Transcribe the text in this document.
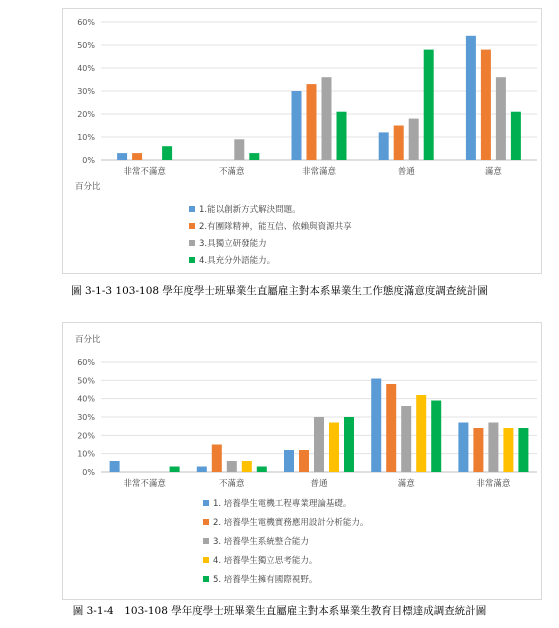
0%
10%
20%
30%
40%
50%
60%
百分比
非常不滿意	不滿意	非常滿意	普通	滿意
1.能以創新方式解決問題。
2.有團隊精神，能互信、依賴與資源共享
3.具獨立研發能力
4.具充分外語能力。
圖 3-1-3 103-108 學年度學士班畢業生直屬雇主對本系畢業生工作態度滿意度調查統計圖
0%
10%
20%
30%
40%
50%
60%
百分比
非常不滿意	不滿意	普通	滿意	非常滿意
1. 培養學生電機工程專業理論基礎。
2. 培養學生電機實務應用設計分析能力。
3. 培養學生系統整合能力
4. 培養學生獨立思考能力。
5. 培養學生擁有國際視野。
圖 3-1-4　103-108 學年度學士班畢業生直屬雇主對本系畢業生教育目標達成調查統計圖
